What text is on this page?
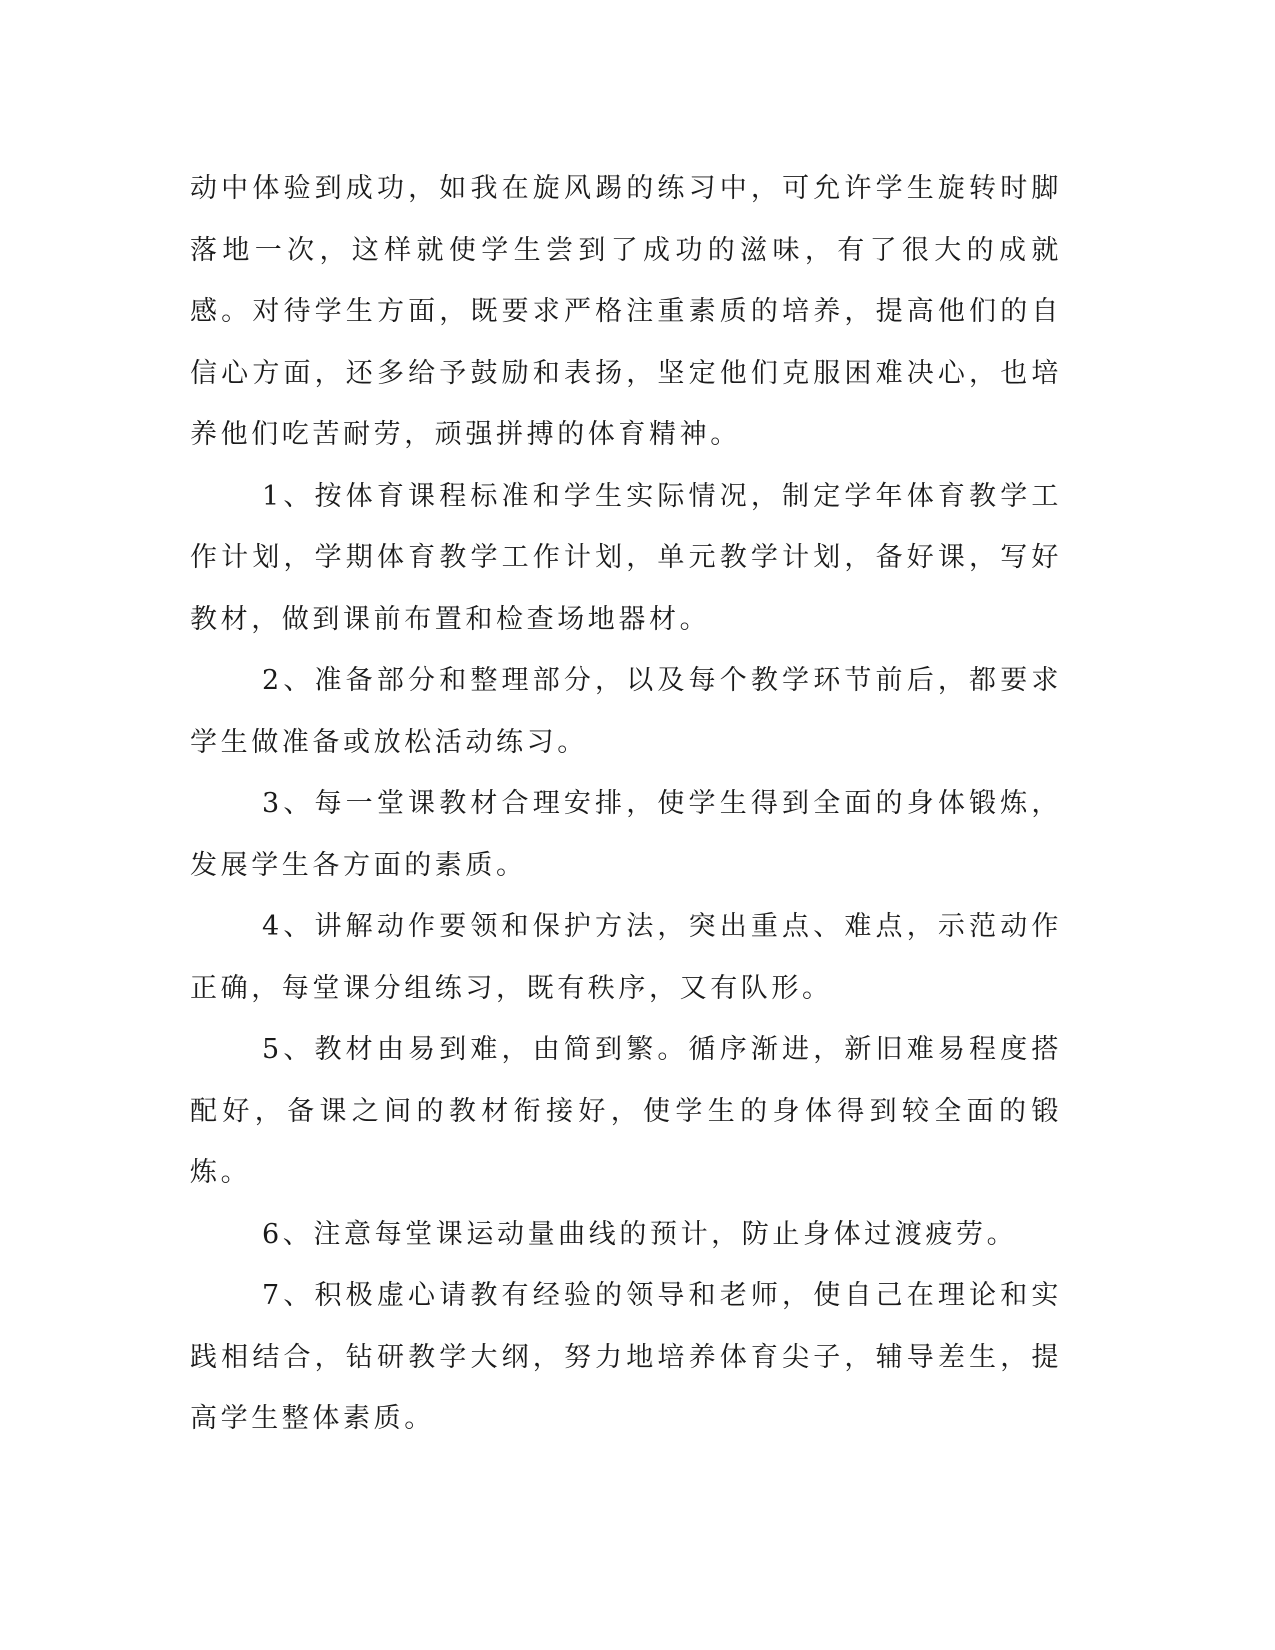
动中体验到成功，如我在旋风踢的练习中，可允许学生旋转时脚落地一次，这样就使学生尝到了成功的滋味，有了很大的成就感。对待学生方面，既要求严格注重素质的培养，提高他们的自信心方面，还多给予鼓励和表扬，坚定他们克服困难决心，也培养他们吃苦耐劳，顽强拼搏的体育精神。

1、按体育课程标准和学生实际情况，制定学年体育教学工作计划，学期体育教学工作计划，单元教学计划，备好课，写好教材，做到课前布置和检查场地器材。

2、准备部分和整理部分，以及每个教学环节前后，都要求学生做准备或放松活动练习。

3、每一堂课教材合理安排，使学生得到全面的身体锻炼，发展学生各方面的素质。

4、讲解动作要领和保护方法，突出重点、难点，示范动作正确，每堂课分组练习，既有秩序，又有队形。

5、教材由易到难，由简到繁。循序渐进，新旧难易程度搭配好，备课之间的教材衔接好，使学生的身体得到较全面的锻炼。

6、注意每堂课运动量曲线的预计，防止身体过渡疲劳。

7、积极虚心请教有经验的领导和老师，使自己在理论和实践相结合，钻研教学大纲，努力地培养体育尖子，辅导差生，提高学生整体素质。
